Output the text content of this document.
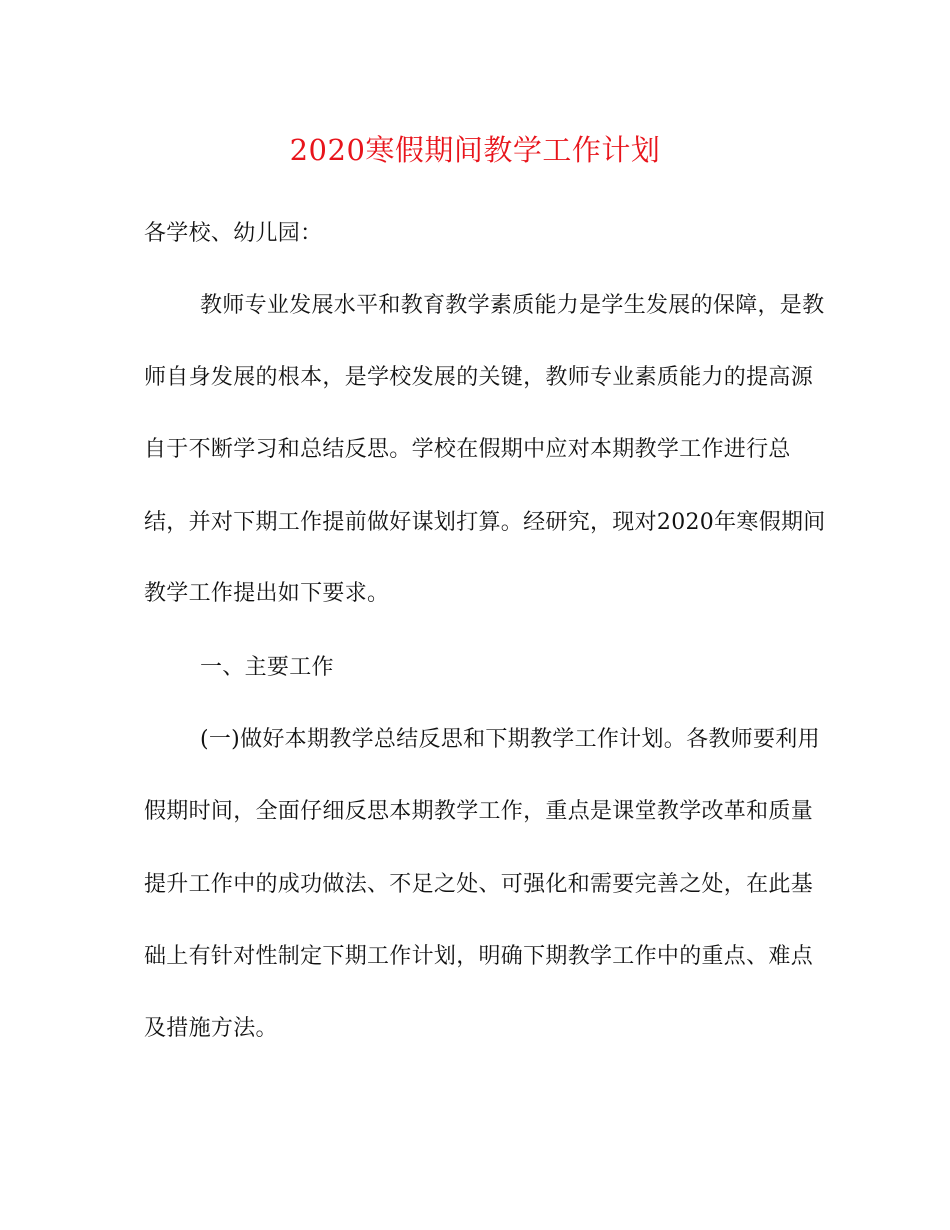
2020寒假期间教学工作计划
各学校、幼儿园：
教师专业发展水平和教育教学素质能力是学生发展的保障，是教
师自身发展的根本，是学校发展的关键，教师专业素质能力的提高源
自于不断学习和总结反思。学校在假期中应对本期教学工作进行总
结，并对下期工作提前做好谋划打算。经研究，现对2020年寒假期间
教学工作提出如下要求。
一、主要工作
(一)做好本期教学总结反思和下期教学工作计划。各教师要利用
假期时间，全面仔细反思本期教学工作，重点是课堂教学改革和质量
提升工作中的成功做法、不足之处、可强化和需要完善之处，在此基
础上有针对性制定下期工作计划，明确下期教学工作中的重点、难点
及措施方法。
